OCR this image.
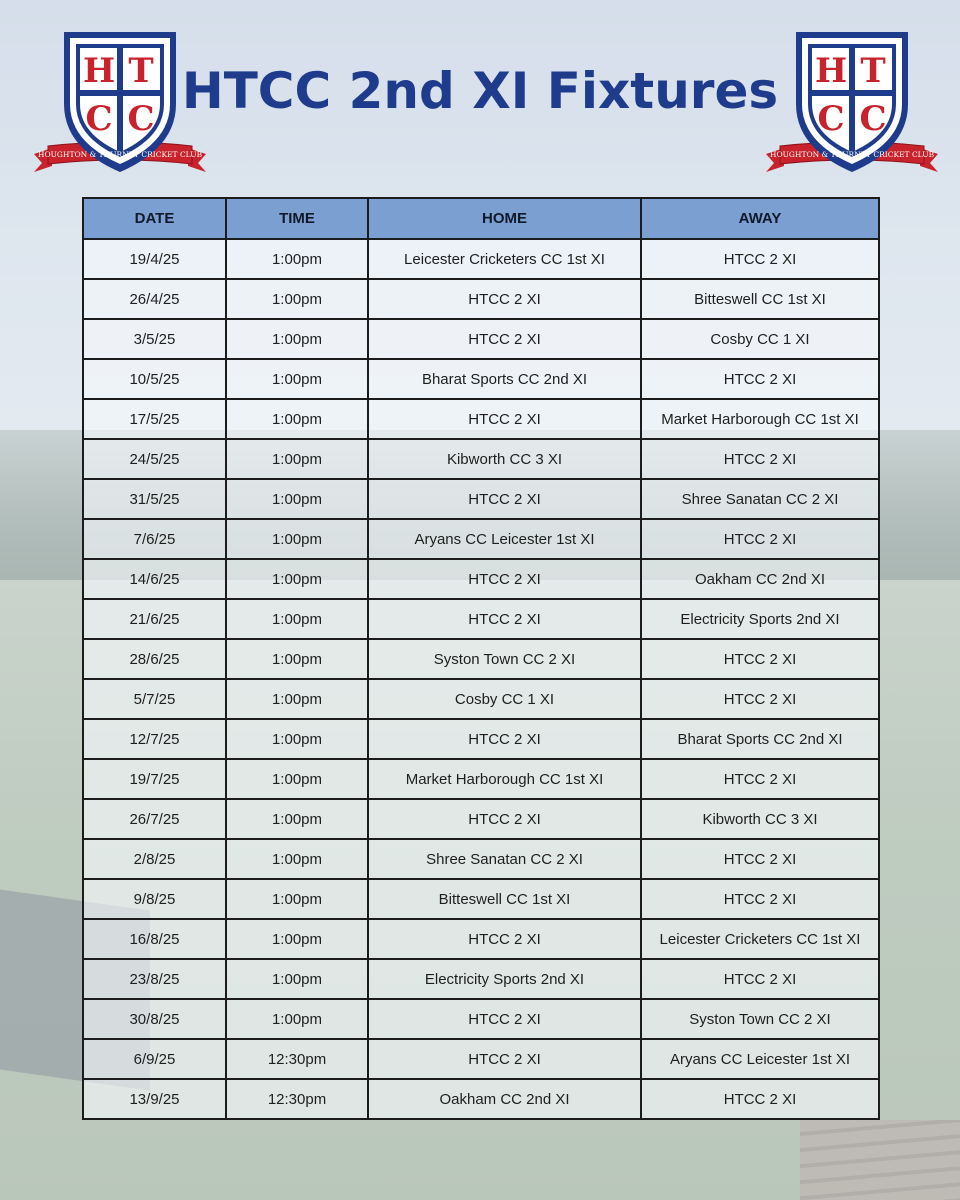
H T
C C
HOUGHTON & THURNBY CRICKET CLUB
H T
C C
HOUGHTON & THURNBY CRICKET CLUB
HTCC 2nd XI Fixtures
DATE	TIME	HOME	AWAY
19/4/25	1:00pm	Leicester Cricketers CC 1st XI	HTCC 2 XI
26/4/25	1:00pm	HTCC 2 XI	Bitteswell CC 1st XI
3/5/25	1:00pm	HTCC 2 XI	Cosby CC 1 XI
10/5/25	1:00pm	Bharat Sports CC 2nd XI	HTCC 2 XI
17/5/25	1:00pm	HTCC 2 XI	Market Harborough CC 1st XI
24/5/25	1:00pm	Kibworth CC 3 XI	HTCC 2 XI
31/5/25	1:00pm	HTCC 2 XI	Shree Sanatan CC 2 XI
7/6/25	1:00pm	Aryans CC Leicester 1st XI	HTCC 2 XI
14/6/25	1:00pm	HTCC 2 XI	Oakham CC 2nd XI
21/6/25	1:00pm	HTCC 2 XI	Electricity Sports 2nd XI
28/6/25	1:00pm	Syston Town CC 2 XI	HTCC 2 XI
5/7/25	1:00pm	Cosby CC 1 XI	HTCC 2 XI
12/7/25	1:00pm	HTCC 2 XI	Bharat Sports CC 2nd XI
19/7/25	1:00pm	Market Harborough CC 1st XI	HTCC 2 XI
26/7/25	1:00pm	HTCC 2 XI	Kibworth CC 3 XI
2/8/25	1:00pm	Shree Sanatan CC 2 XI	HTCC 2 XI
9/8/25	1:00pm	Bitteswell CC 1st XI	HTCC 2 XI
16/8/25	1:00pm	HTCC 2 XI	Leicester Cricketers CC 1st XI
23/8/25	1:00pm	Electricity Sports 2nd XI	HTCC 2 XI
30/8/25	1:00pm	HTCC 2 XI	Syston Town CC 2 XI
6/9/25	12:30pm	HTCC 2 XI	Aryans CC Leicester 1st XI
13/9/25	12:30pm	Oakham CC 2nd XI	HTCC 2 XI
